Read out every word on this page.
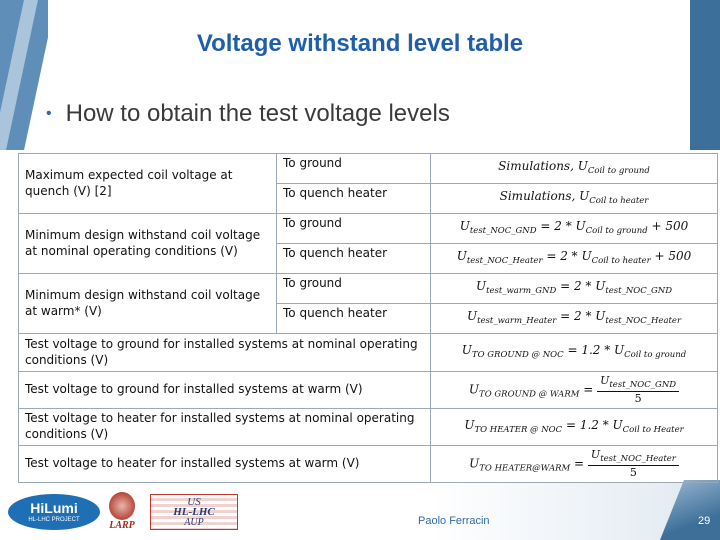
Voltage withstand level table
• How to obtain the test voltage levels
Maximum expected coil voltage at quench (V) [2]	To ground	Simulations, $U_{Coil to ground}$
	To quench heater	Simulations, $U_{Coil to heater}$
Minimum design withstand coil voltage at nominal operating conditions (V)	To ground	$U_{test\_NOC\_GND} = 2 * U_{Coil to ground} + 500$
	To quench heater	$U_{test\_NOC\_Heater} = 2 * U_{Coil to heater} + 500$
Minimum design withstand coil voltage at warm* (V)	To ground	$U_{test\_warm\_GND} = 2 * U_{test\_NOC\_GND}$
	To quench heater	$U_{test\_warm\_Heater} = 2 * U_{test\_NOC\_Heater}$
Test voltage to ground for installed systems at nominal operating conditions (V)		$U_{TO GROUND @ NOC} = 1.2 * U_{Coil to ground}$
Test voltage to ground for installed systems at warm (V)		$U_{TO GROUND @ WARM} = \frac{U_{test\_NOC\_GND}}{5}$

Test voltage to heater for installed systems at nominal operating conditions (V)		$U_{TO HEATER @ NOC} = 1.2 * U_{Coil to Heater}$
Test voltage to heater for installed systems at warm (V)		$U_{TO HEATER@WARM} = \frac{U_{test\_NOC\_Heater}}{5}$
HiLumi
HL-LHC PROJECT	LARP
US
HL-LHC
AUP	Paolo Ferracin	29
